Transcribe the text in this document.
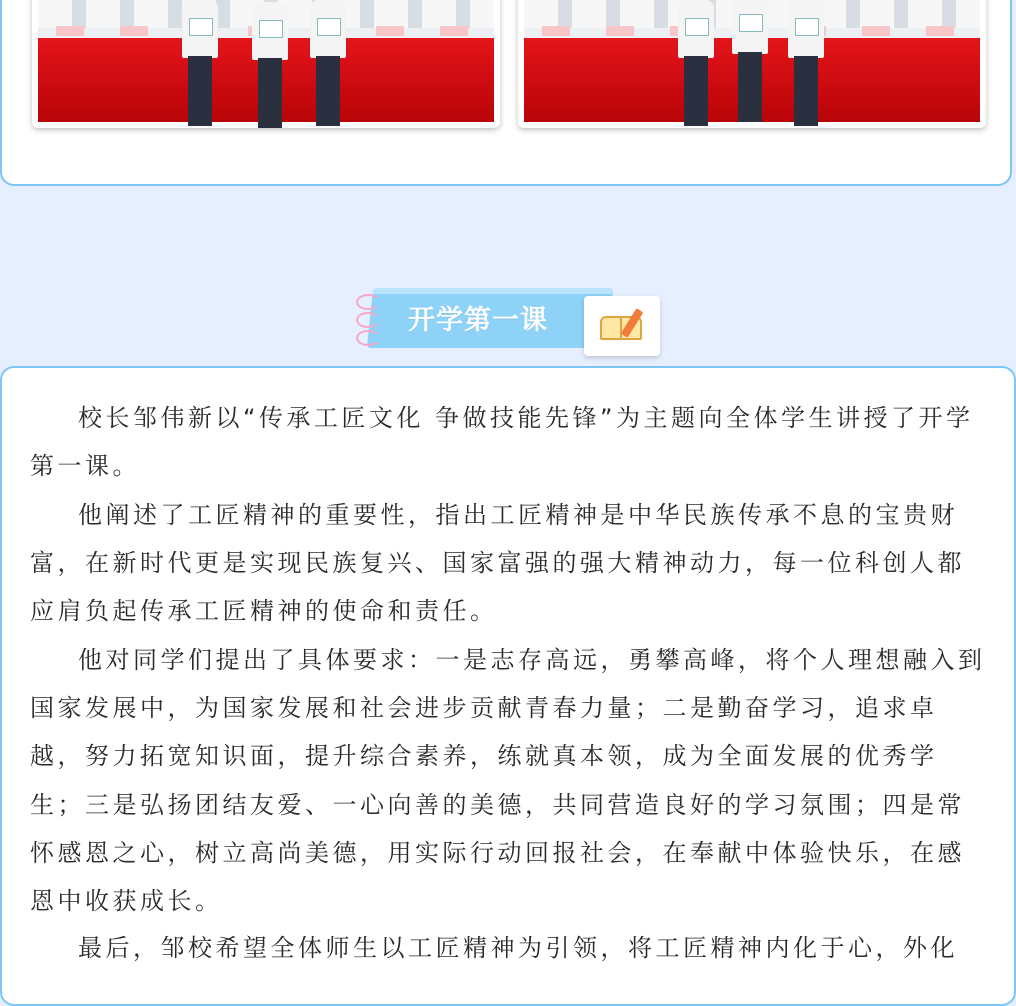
开学第一课

校长邹伟新以“传承工匠文化 争做技能先锋”为主题向全体学生讲授了开学第一课。

他阐述了工匠精神的重要性，指出工匠精神是中华民族传承不息的宝贵财富，在新时代更是实现民族复兴、国家富强的强大精神动力，每一位科创人都应肩负起传承工匠精神的使命和责任。

他对同学们提出了具体要求：一是志存高远，勇攀高峰，将个人理想融入到国家发展中，为国家发展和社会进步贡献青春力量；二是勤奋学习，追求卓越，努力拓宽知识面，提升综合素养，练就真本领，成为全面发展的优秀学生；三是弘扬团结友爱、一心向善的美德，共同营造良好的学习氛围；四是常怀感恩之心，树立高尚美德，用实际行动回报社会，在奉献中体验快乐，在感恩中收获成长。

最后，邹校希望全体师生以工匠精神为引领，将工匠精神内化于心，外化
